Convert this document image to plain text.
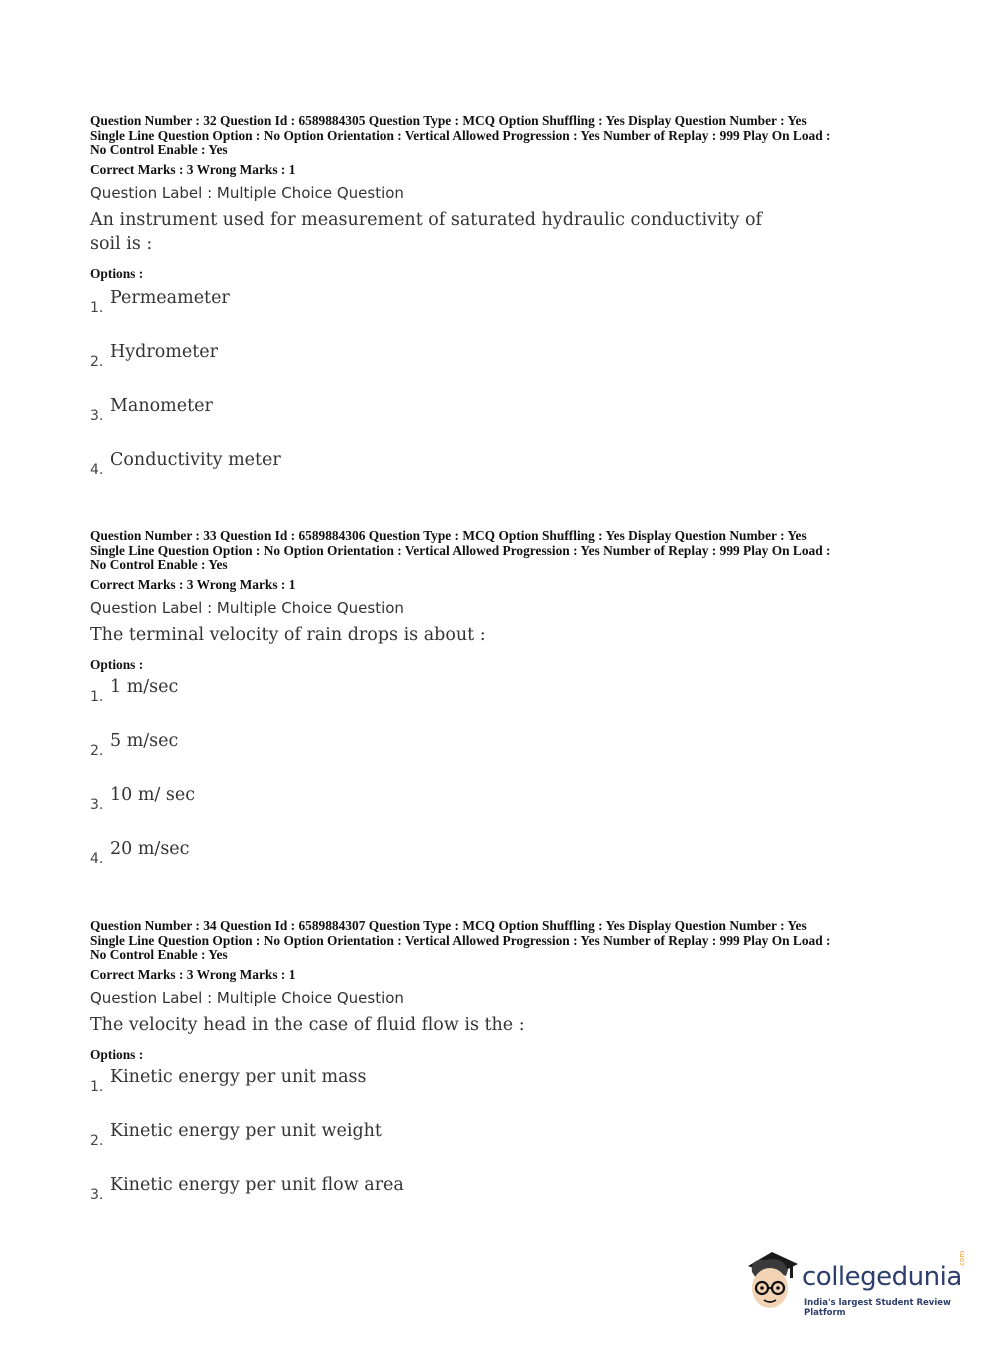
Question Number : 32 Question Id : 6589884305 Question Type : MCQ Option Shuffling : Yes Display Question Number : Yes
Single Line Question Option : No Option Orientation : Vertical Allowed Progression : Yes Number of Replay : 999 Play On Load :
No Control Enable : Yes
Correct Marks : 3 Wrong Marks : 1
Question Label : Multiple Choice Question
An instrument used for measurement of saturated hydraulic conductivity of soil is :
Options :
1. Permeameter
2. Hydrometer
3. Manometer
4. Conductivity meter
Question Number : 33 Question Id : 6589884306 Question Type : MCQ Option Shuffling : Yes Display Question Number : Yes
Single Line Question Option : No Option Orientation : Vertical Allowed Progression : Yes Number of Replay : 999 Play On Load :
No Control Enable : Yes
Correct Marks : 3 Wrong Marks : 1
Question Label : Multiple Choice Question
The terminal velocity of rain drops is about :
Options :
1. 1 m/sec
2. 5 m/sec
3. 10 m/ sec
4. 20 m/sec
Question Number : 34 Question Id : 6589884307 Question Type : MCQ Option Shuffling : Yes Display Question Number : Yes
Single Line Question Option : No Option Orientation : Vertical Allowed Progression : Yes Number of Replay : 999 Play On Load :
No Control Enable : Yes
Correct Marks : 3 Wrong Marks : 1
Question Label : Multiple Choice Question
The velocity head in the case of fluid flow is the :
Options :
1. Kinetic energy per unit mass
2. Kinetic energy per unit weight
3. Kinetic energy per unit flow area
collegedunia
.com
India's largest Student Review Platform
